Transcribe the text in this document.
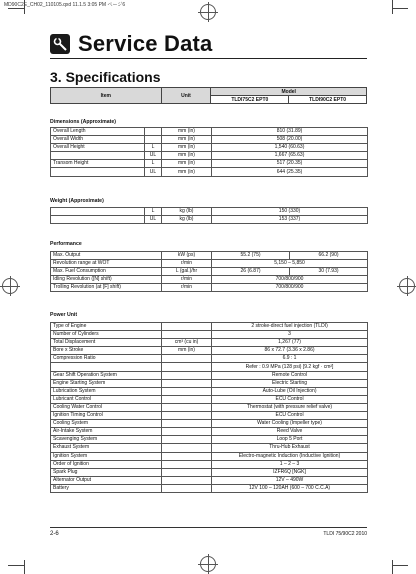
MD90C2E_CH02_110105.qxd 11.1.5 3:05 PM ページ6
Service Data
3. Specifications
Item	Unit	Model	
		TLDI75C2 EPT0	TLDI90C2 EPT0
Dimensions (Approximate)
Overall Length		mm (in)	810 (31.89)
Overall Width		mm (in)	508 (20.00)
Overall Height	L	mm (in)	1,540 (60.63)
	UL	mm (in)	1,667 (65.63)
Transom Height	L	mm (in)	517 (20.35)
	UL	mm (in)	644 (25.35)
Weight (Approximate)
	L	kg (lb)	150 (330)
	UL	kg (lb)	153 (337)
Performance
Max. Output	kW (ps)	55.2 (75)	66.2 (90)
Revolution range at WOT	r/min	5,150 – 5,850	
Max. Fuel Consumption	L (gal.)/hr	26 (6.87)	30 (7.93)
Idling Revolution ([N] shift)	r/min	700/800/900	
Trolling Revolution (at [F] shift)	r/min	700/800/900	
Power Unit
Type of Engine		2 stroke-direct fuel injection (TLDI)
Number of Cylinders		3
Total Displacement	cm³ (cu in)	1,267 (77)
Bore x Stroke	mm (in)	86 x 72.7 (3.36 x 2.86)
Compression Ratio		6.9 : 1
		Refer : 0.9 MPa (128 psi) [9.2 kgf · cm²]
Gear Shift Operation System		Remote Control
Engine Starting System		Electric Starting
Lubrication System		Auto-Lube (Oil Injection)
Lubricant Control		ECU Control
Cooling Water Control		Thermostat (with pressure relief valve)
Ignition Timing Control		ECU Control
Cooling System		Water Cooling (Impeller type)
Air-Intake System		Reed Valve
Scavenging System		Loop 5 Port
Exhaust System		Thru-Hub Exhaust
Ignition System		Electro-magnetic Induction (Inductive Ignition)
Order of Ignition		1 – 2 – 3
Spark Plug		IZFR6Q [NGK]
Alternator Output		12V – 490W
Battery		12V 100 – 120AH (600 – 700 C.C.A)
2-6	TLDI 75/90C2 2010
